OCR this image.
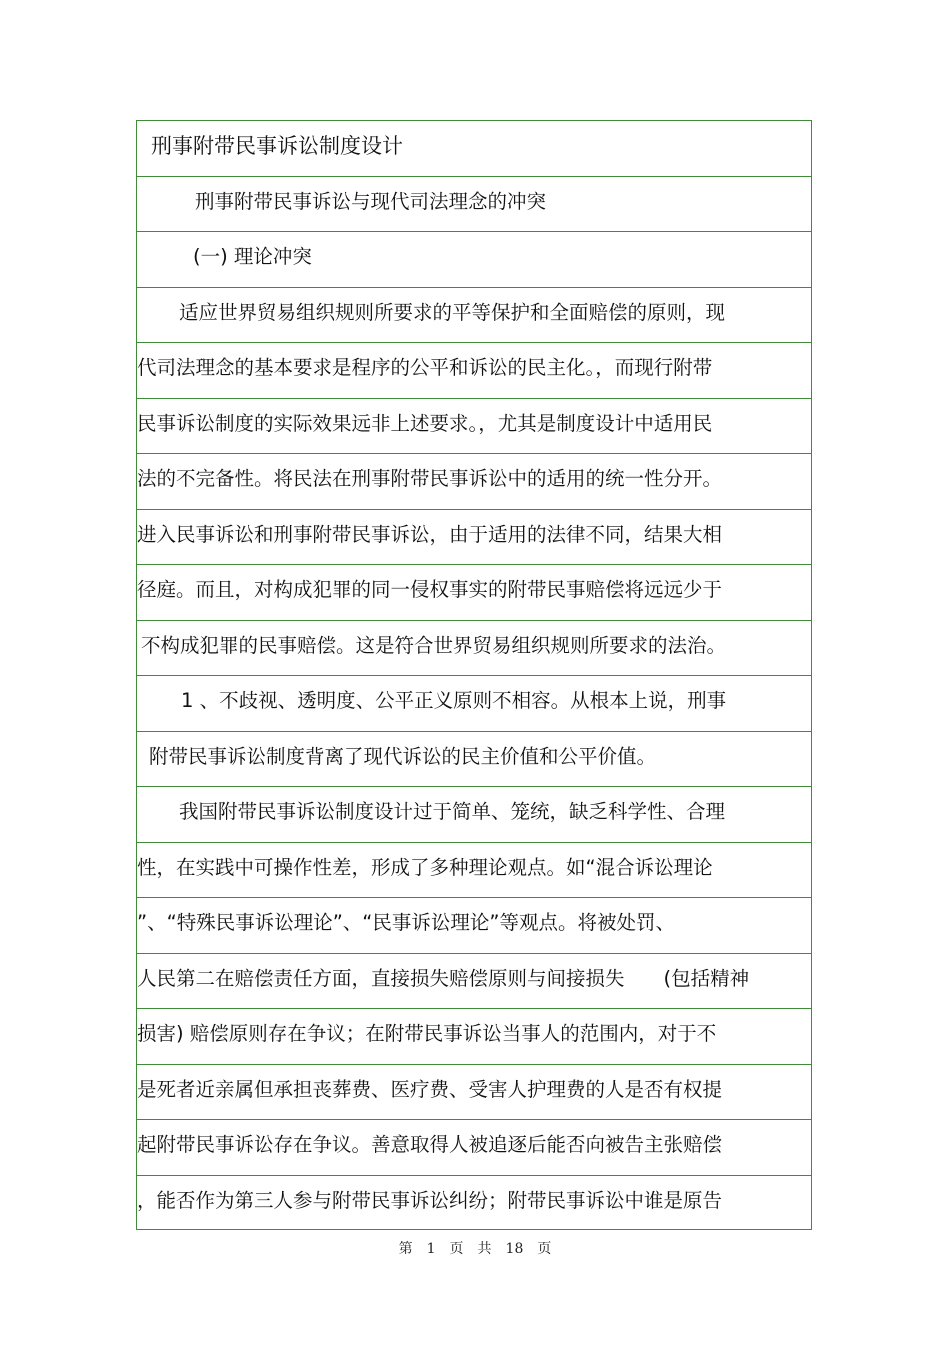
刑事附带民事诉讼制度设计
刑事附带民事诉讼与现代司法理念的冲突
(一) 理论冲突
适应世界贸易组织规则所要求的平等保护和全面赔偿的原则，现
代司法理念的基本要求是程序的公平和诉讼的民主化。，而现行附带
民事诉讼制度的实际效果远非上述要求。，尤其是制度设计中适用民
法的不完备性。将民法在刑事附带民事诉讼中的适用的统一性分开。
进入民事诉讼和刑事附带民事诉讼，由于适用的法律不同，结果大相
径庭。而且，对构成犯罪的同一侵权事实的附带民事赔偿将远远少于
不构成犯罪的民事赔偿。这是符合世界贸易组织规则所要求的法治。
1 、不歧视、透明度、公平正义原则不相容。从根本上说，刑事
附带民事诉讼制度背离了现代诉讼的民主价值和公平价值。
我国附带民事诉讼制度设计过于简单、笼统，缺乏科学性、合理
性，在实践中可操作性差，形成了多种理论观点。如“混合诉讼理论
”、“特殊民事诉讼理论”、“民事诉讼理论”等观点。将被处罚、
人民第二在赔偿责任方面，直接损失赔偿原则与间接损失　　(包括精神
损害) 赔偿原则存在争议；在附带民事诉讼当事人的范围内，对于不
是死者近亲属但承担丧葬费、医疗费、受害人护理费的人是否有权提
起附带民事诉讼存在争议。善意取得人被追逐后能否向被告主张赔偿
，能否作为第三人参与附带民事诉讼纠纷；附带民事诉讼中谁是原告
第　1　页　共　18　页
